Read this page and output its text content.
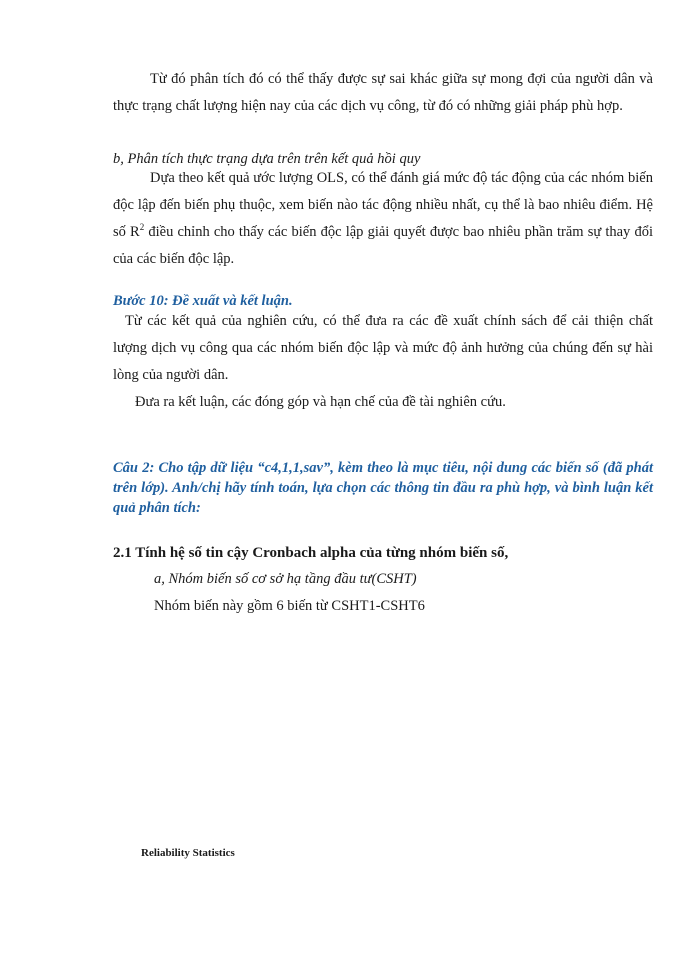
Từ đó phân tích đó có thể thấy được sự sai khác giữa sự mong đợi của người dân và thực trạng chất lượng hiện nay của các dịch vụ công, từ đó có những giải pháp phù hợp.

b, Phân tích thực trạng dựa trên trên kết quả hồi quy

Dựa theo kết quả ước lượng OLS, có thể đánh giá mức độ tác động của các nhóm biến độc lập đến biến phụ thuộc, xem biến nào tác động nhiều nhất, cụ thể là bao nhiêu điểm. Hệ số $R^2$ điều chỉnh cho thấy các biến độc lập giải quyết được bao nhiêu phần trăm sự thay đổi của các biến độc lập.

Bước 10: Đề xuất và kết luận.

Từ các kết quả của nghiên cứu, có thể đưa ra các đề xuất chính sách để cải thiện chất lượng dịch vụ công qua các nhóm biến độc lập và mức độ ảnh hưởng của chúng đến sự hài lòng của người dân.

Đưa ra kết luận, các đóng góp và hạn chế của đề tài nghiên cứu.

Câu 2: Cho tập dữ liệu “c4,1,1,sav”, kèm theo là mục tiêu, nội dung các biến số (đã phát trên lớp). Anh/chị hãy tính toán, lựa chọn các thông tin đầu ra phù hợp, và bình luận kết quả phân tích:

2.1 Tính hệ số tin cậy Cronbach alpha của từng nhóm biến số,

a, Nhóm biến số cơ sở hạ tầng đầu tư(CSHT)

Nhóm biến này gồm 6 biến từ CSHT1-CSHT6

Reliability Statistics
